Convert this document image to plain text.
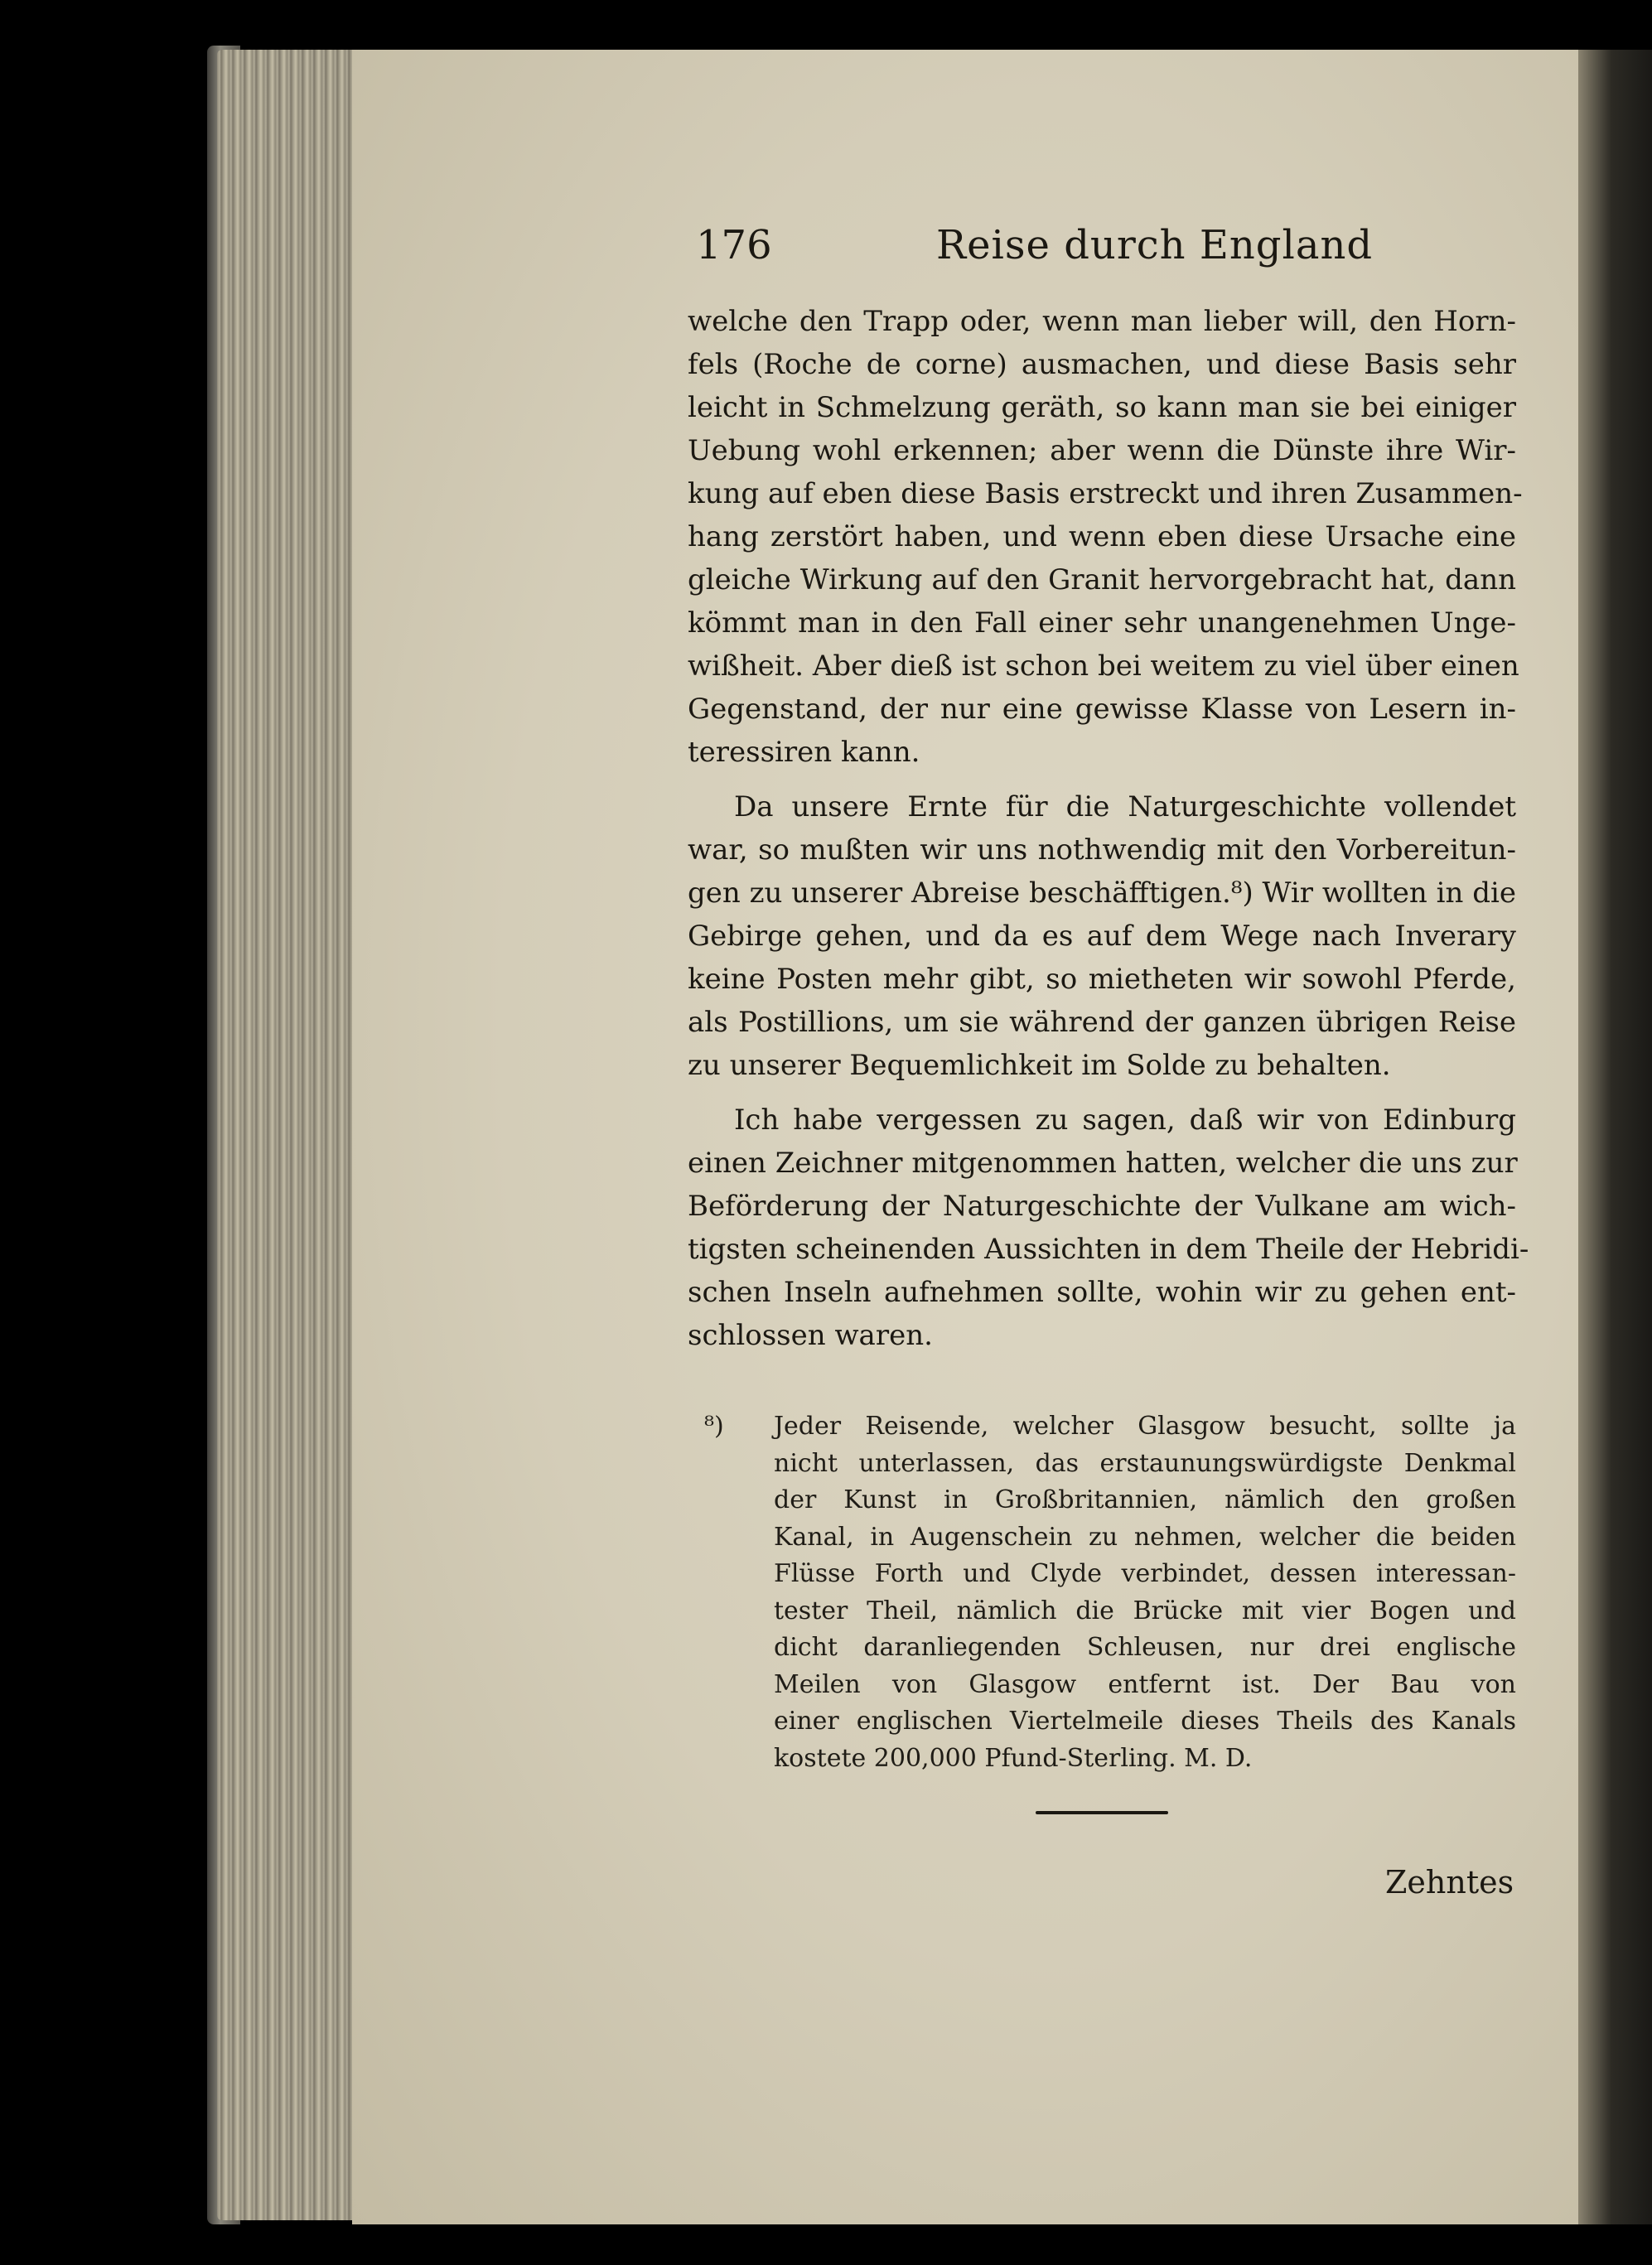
176	Reise durch England

welche den Trapp oder, wenn man lieber will, den Horn-
fels (Roche de corne) ausmachen, und diese Basis sehr
leicht in Schmelzung geräth, so kann man sie bei einiger
Uebung wohl erkennen; aber wenn die Dünste ihre Wir-
kung auf eben diese Basis erstreckt und ihren Zusammen-
hang zerstört haben, und wenn eben diese Ursache eine
gleiche Wirkung auf den Granit hervorgebracht hat, dann
kömmt man in den Fall einer sehr unangenehmen Unge-
wißheit. Aber dieß ist schon bei weitem zu viel über einen
Gegenstand, der nur eine gewisse Klasse von Lesern in-
teressiren kann.

Da unsere Ernte für die Naturgeschichte vollendet
war, so mußten wir uns nothwendig mit den Vorbereitun-
gen zu unserer Abreise beschäfftigen.⁸) Wir wollten in die
Gebirge gehen, und da es auf dem Wege nach Inverary
keine Posten mehr gibt, so mietheten wir sowohl Pferde,
als Postillions, um sie während der ganzen übrigen Reise
zu unserer Bequemlichkeit im Solde zu behalten.

Ich habe vergessen zu sagen, daß wir von Edinburg
einen Zeichner mitgenommen hatten, welcher die uns zur
Beförderung der Naturgeschichte der Vulkane am wich-
tigsten scheinenden Aussichten in dem Theile der Hebridi-
schen Inseln aufnehmen sollte, wohin wir zu gehen ent-
schlossen waren.

⁸) Jeder Reisende, welcher Glasgow besucht, sollte ja
nicht unterlassen, das erstaunungswürdigste Denkmal
der Kunst in Großbritannien, nämlich den großen
Kanal, in Augenschein zu nehmen, welcher die beiden
Flüsse Forth und Clyde verbindet, dessen interessan-
tester Theil, nämlich die Brücke mit vier Bogen und
dicht daranliegenden Schleusen, nur drei englische
Meilen von Glasgow entfernt ist. Der Bau von
einer englischen Viertelmeile dieses Theils des Kanals
kostete 200,000 Pfund-Sterling. M. D.
Zehntes
